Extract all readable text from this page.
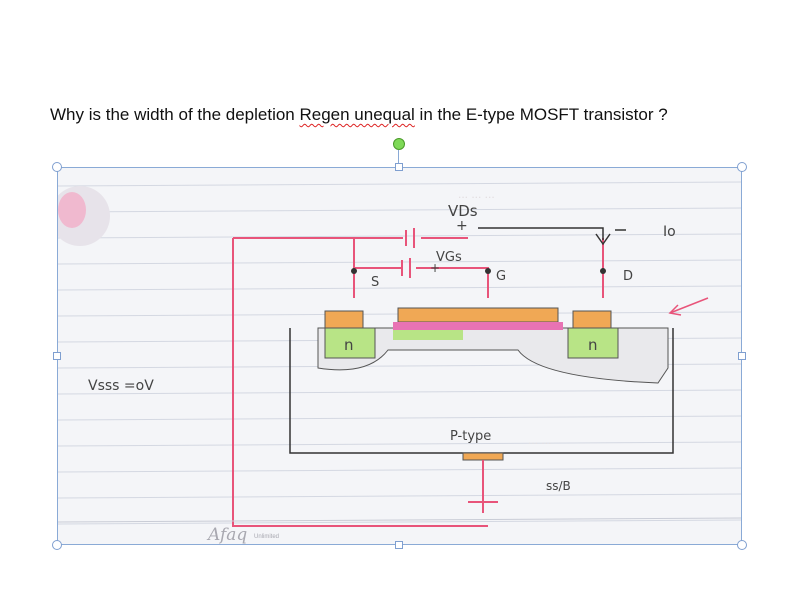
Why is the width of the depletion Regen unequal in the E-type MOSFT transistor ?
... ... ...
... ...
VDs
+
VGs
+
S	G	D
Io
n	n
Vsss =oV
P-type
ss/B
Afaq Unlimited
